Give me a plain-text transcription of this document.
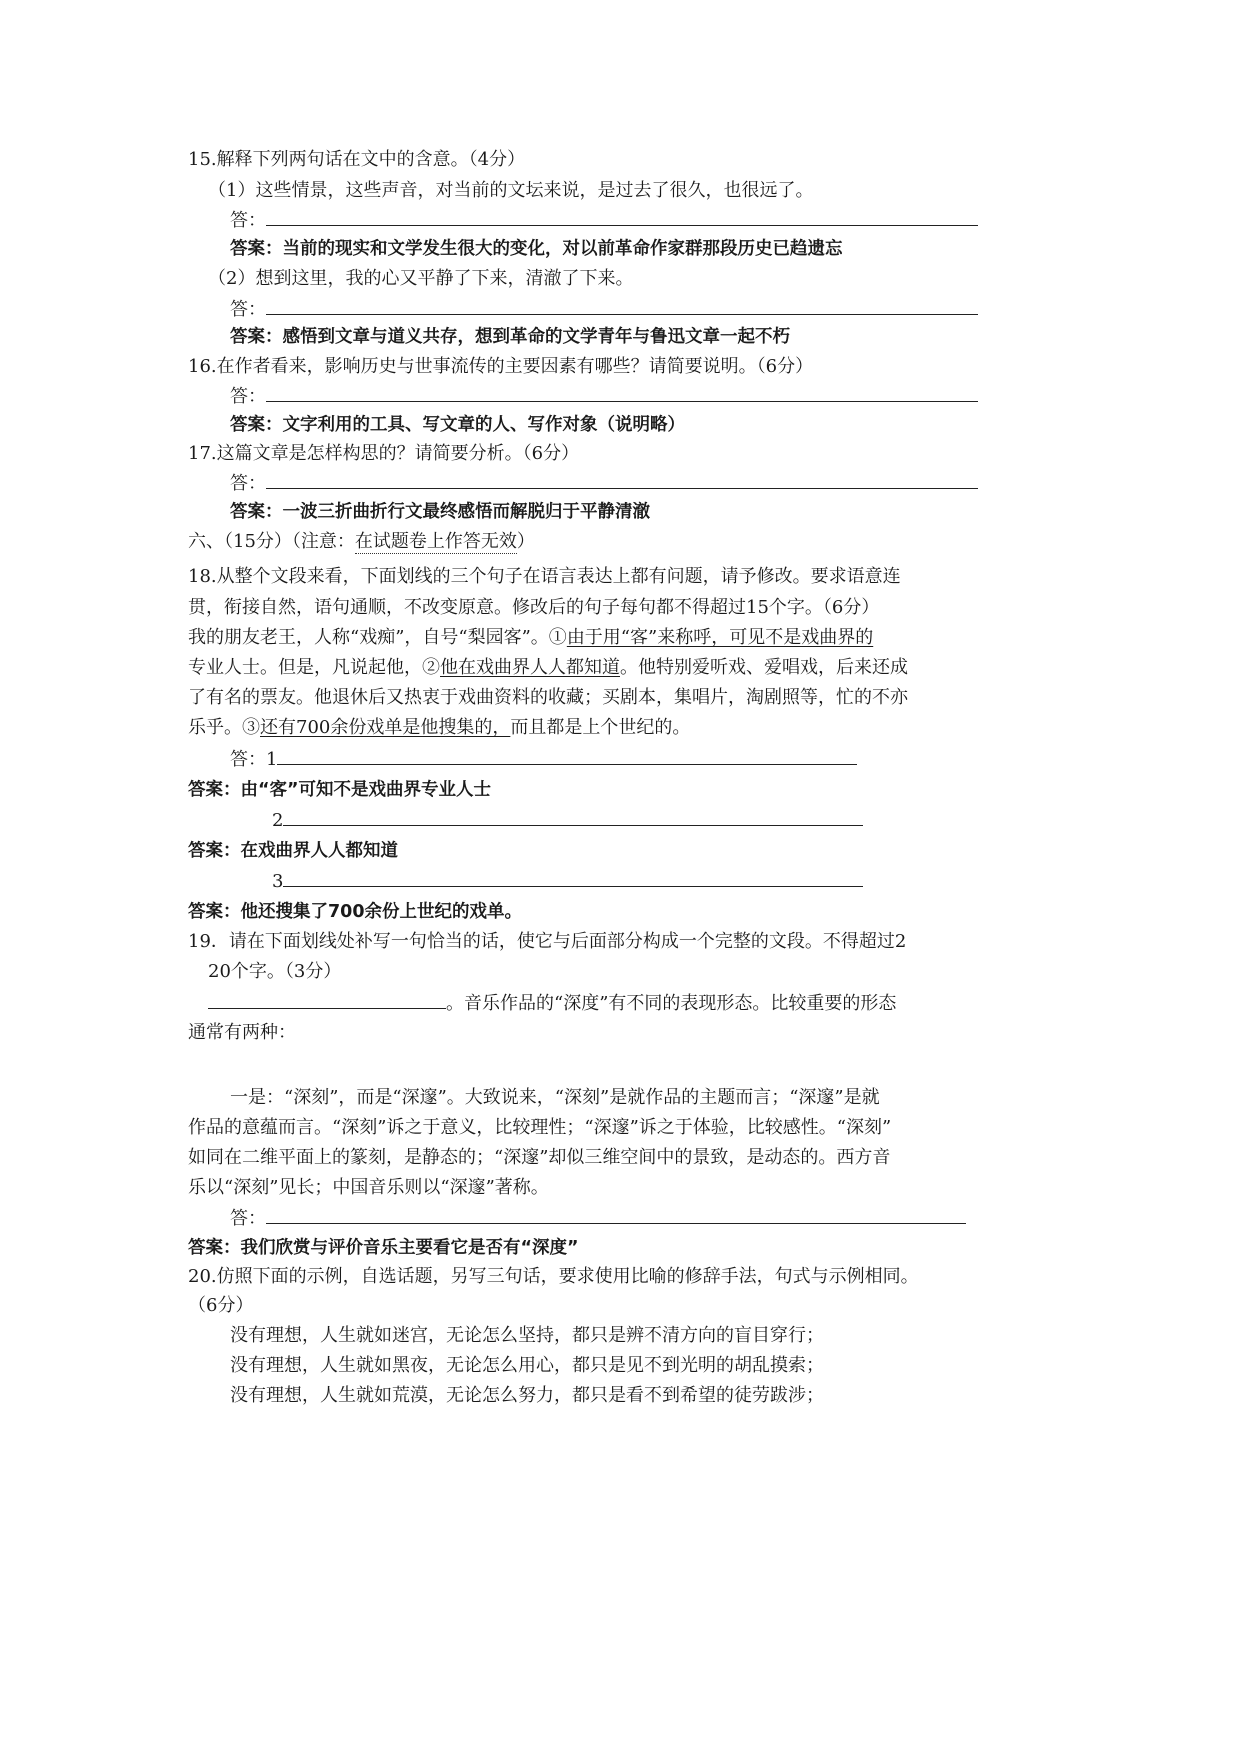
15.解释下列两句话在文中的含意。（4分）
（1）这些情景，这些声音，对当前的文坛来说，是过去了很久，也很远了。
答：
答案：当前的现实和文学发生很大的变化，对以前革命作家群那段历史已趋遗忘
（2）想到这里，我的心又平静了下来，清澈了下来。
答：
答案：感悟到文章与道义共存，想到革命的文学青年与鲁迅文章一起不朽
16.在作者看来，影响历史与世事流传的主要因素有哪些？请简要说明。（6分）
答：
答案：文字利用的工具、写文章的人、写作对象（说明略）
17.这篇文章是怎样构思的？请简要分析。（6分）
答：
答案：一波三折曲折行文最终感悟而解脱归于平静清澈
六、（15分）（注意：在试题卷上作答无效）
18.从整个文段来看，下面划线的三个句子在语言表达上都有问题，请予修改。要求语意连
贯，衔接自然，语句通顺，不改变原意。修改后的句子每句都不得超过15个字。（6分）
我的朋友老王，人称“戏痴”，自号“梨园客”。①由于用“客”来称呼，可见不是戏曲界的
专业人士。但是，凡说起他，②他在戏曲界人人都知道。他特别爱听戏、爱唱戏，后来还成
了有名的票友。他退休后又热衷于戏曲资料的收藏；买剧本，集唱片，淘剧照等，忙的不亦
乐乎。③还有700余份戏单是他搜集的，而且都是上个世纪的。
答：1
答案：由“客”可知不是戏曲界专业人士
2
答案：在戏曲界人人都知道
3
答案：他还搜集了700余份上世纪的戏单。
19．请在下面划线处补写一句恰当的话，使它与后面部分构成一个完整的文段。不得超过2
20个字。（3分）
。音乐作品的“深度”有不同的表现形态。比较重要的形态
通常有两种：
一是：“深刻”，而是“深邃”。大致说来，“深刻”是就作品的主题而言；“深邃”是就
作品的意蕴而言。“深刻”诉之于意义，比较理性；“深邃”诉之于体验，比较感性。“深刻”
如同在二维平面上的篆刻，是静态的；“深邃”却似三维空间中的景致，是动态的。西方音
乐以“深刻”见长；中国音乐则以“深邃”著称。
答：
答案：我们欣赏与评价音乐主要看它是否有“深度”
20.仿照下面的示例，自选话题，另写三句话，要求使用比喻的修辞手法，句式与示例相同。
（6分）
没有理想，人生就如迷宫，无论怎么坚持，都只是辨不清方向的盲目穿行；
没有理想，人生就如黑夜，无论怎么用心，都只是见不到光明的胡乱摸索；
没有理想，人生就如荒漠，无论怎么努力，都只是看不到希望的徒劳跋涉；
